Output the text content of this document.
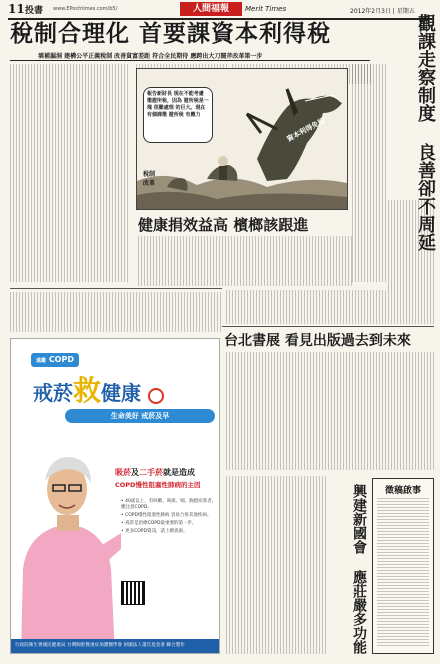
11 投書 www.EPochtimes.com/b5/	人間福報	Merit Times	2012年2月3日 | 星期五
稅制合理化 首要課資本利得稅
填補漏洞 建構公平正義稅制 改善貧富差距 符合全民期待 應跨出大刀闊斧改革第一步
報告新財長 現在不能考慮 徵證所稅，因為 證所稅是一塊 很難處理 的巨大。現在 有個課徵 證所稅 有應力
資本利得免稅
稅制改革
健康捐效益高 檳榔該跟進	觀課走察制度 良善卻不周延
台北書展 看見出版過去到未來
興建新國會 應莊嚴多功能	徵稿啟事
遠離 COPD
戒菸救健康
生命美好 戒菸及早
吸菸及二手菸就是造成
COPD慢性阻塞性肺病的主因
• 40歲以上，有咳嗽、咳痰、喘、胸悶症狀者，應注意COPD。
• COPD慢性阻塞性肺病 容易合併其他疾病。
• 戒菸是治療COPD最重要的第一步。
• 更多COPD資訊，請上網查詢。
行政院衛生署國民健康局 台灣胸腔暨重症加護醫學會 財團法人董氏基金會 聯合製作
